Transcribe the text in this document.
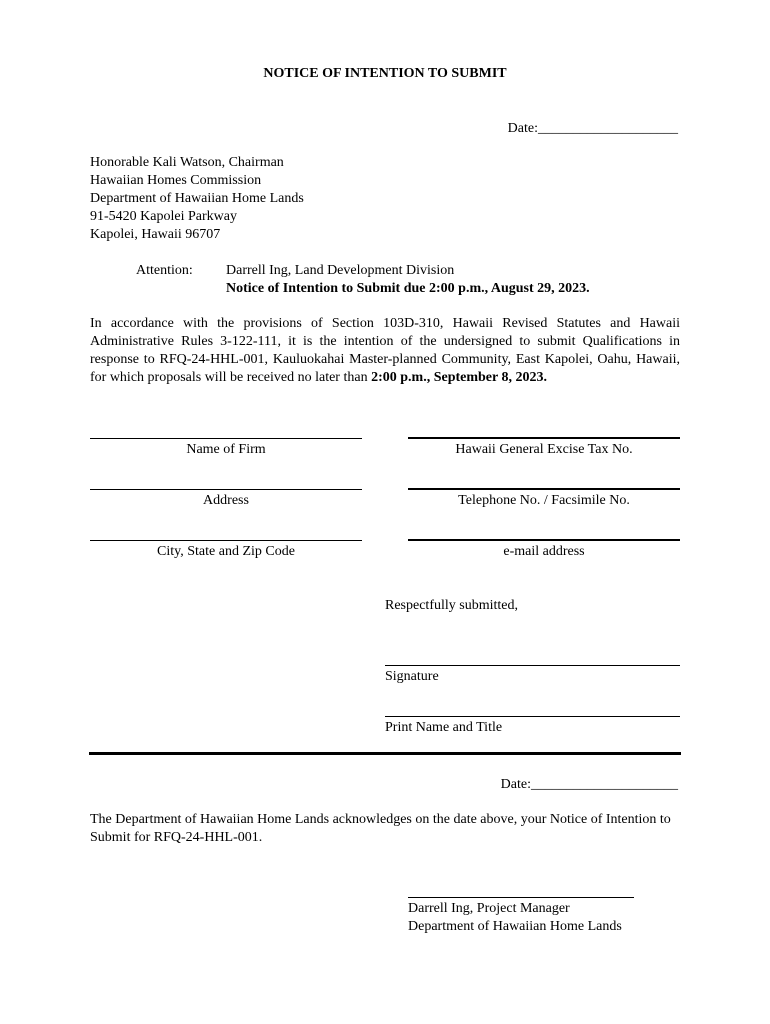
NOTICE OF INTENTION TO SUBMIT
Date:____________________
Honorable Kali Watson, Chairman
Hawaiian Homes Commission
Department of Hawaiian Home Lands
91-5420 Kapolei Parkway
Kapolei, Hawaii 96707
Attention: Darrell Ing, Land Development Division
Notice of Intention to Submit due 2:00 p.m., August 29, 2023.
In accordance with the provisions of Section 103D-310, Hawaii Revised Statutes and Hawaii Administrative Rules 3-122-111, it is the intention of the undersigned to submit Qualifications in response to RFQ-24-HHL-001, Kauluokahai Master-planned Community, East Kapolei, Oahu, Hawaii, for which proposals will be received no later than 2:00 p.m., September 8, 2023.
Name of Firm
Address
City, State and Zip Code
Hawaii General Excise Tax No.
Telephone No. / Facsimile No.
e-mail address
Respectfully submitted,
Signature
Print Name and Title
Date:_____________________
The Department of Hawaiian Home Lands acknowledges on the date above, your Notice of Intention to Submit for RFQ-24-HHL-001.
Darrell Ing, Project Manager
Department of Hawaiian Home Lands
